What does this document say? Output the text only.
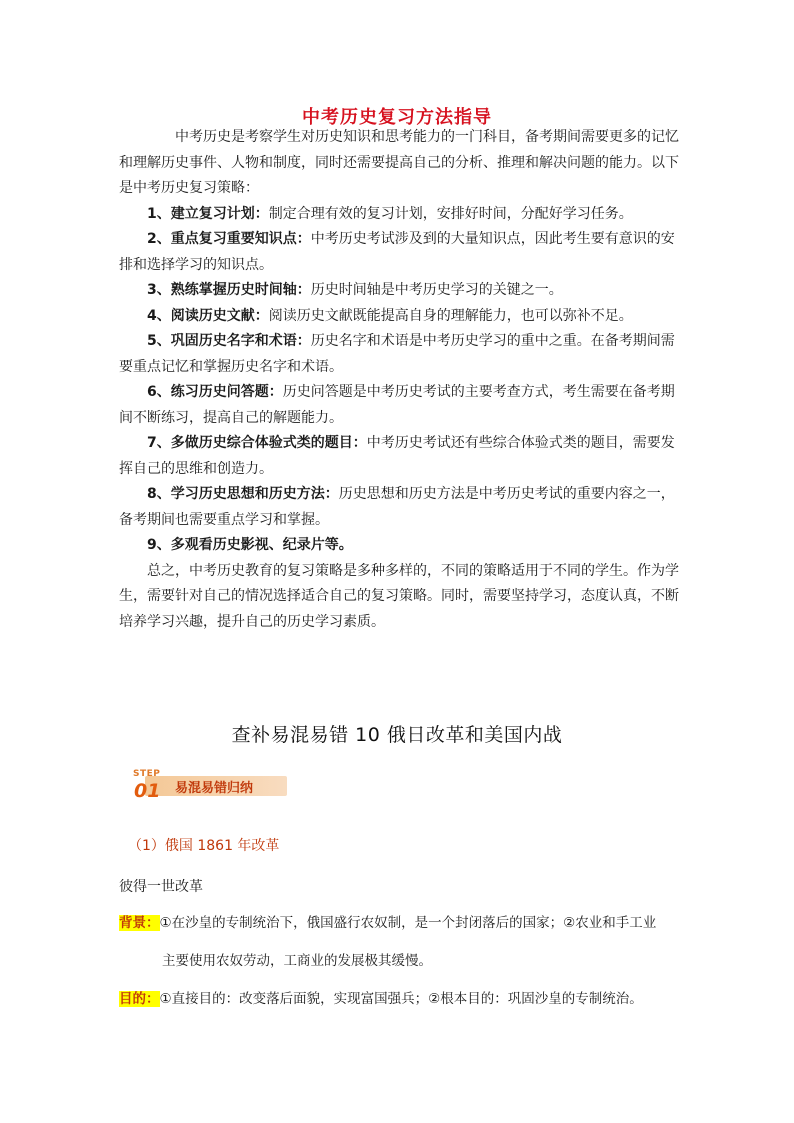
中考历史复习方法指导

中考历史是考察学生对历史知识和思考能力的一门科目，备考期间需要更多的记忆和理解历史事件、人物和制度，同时还需要提高自己的分析、推理和解决问题的能力。以下是中考历史复习策略：

1、建立复习计划：制定合理有效的复习计划，安排好时间，分配好学习任务。

2、重点复习重要知识点：中考历史考试涉及到的大量知识点，因此考生要有意识的安排和选择学习的知识点。

3、熟练掌握历史时间轴：历史时间轴是中考历史学习的关键之一。

4、阅读历史文献：阅读历史文献既能提高自身的理解能力，也可以弥补不足。

5、巩固历史名字和术语：历史名字和术语是中考历史学习的重中之重。在备考期间需要重点记忆和掌握历史名字和术语。

6、练习历史问答题：历史问答题是中考历史考试的主要考查方式，考生需要在备考期间不断练习，提高自己的解题能力。

7、多做历史综合体验式类的题目：中考历史考试还有些综合体验式类的题目，需要发挥自己的思维和创造力。

8、学习历史思想和历史方法：历史思想和历史方法是中考历史考试的重要内容之一，备考期间也需要重点学习和掌握。

9、多观看历史影视、纪录片等。

总之，中考历史教育的复习策略是多种多样的，不同的策略适用于不同的学生。作为学生，需要针对自己的情况选择适合自己的复习策略。同时，需要坚持学习，态度认真，不断培养学习兴趣，提升自己的历史学习素质。

查补易混易错 10 俄日改革和美国内战
STEP
01 易混易错归纳
（1）俄国 1861 年改革
彼得一世改革
背景：①在沙皇的专制统治下，俄国盛行农奴制，是一个封闭落后的国家；②农业和手工业
主要使用农奴劳动，工商业的发展极其缓慢。
目的：①直接目的：改变落后面貌，实现富国强兵；②根本目的：巩固沙皇的专制统治。
